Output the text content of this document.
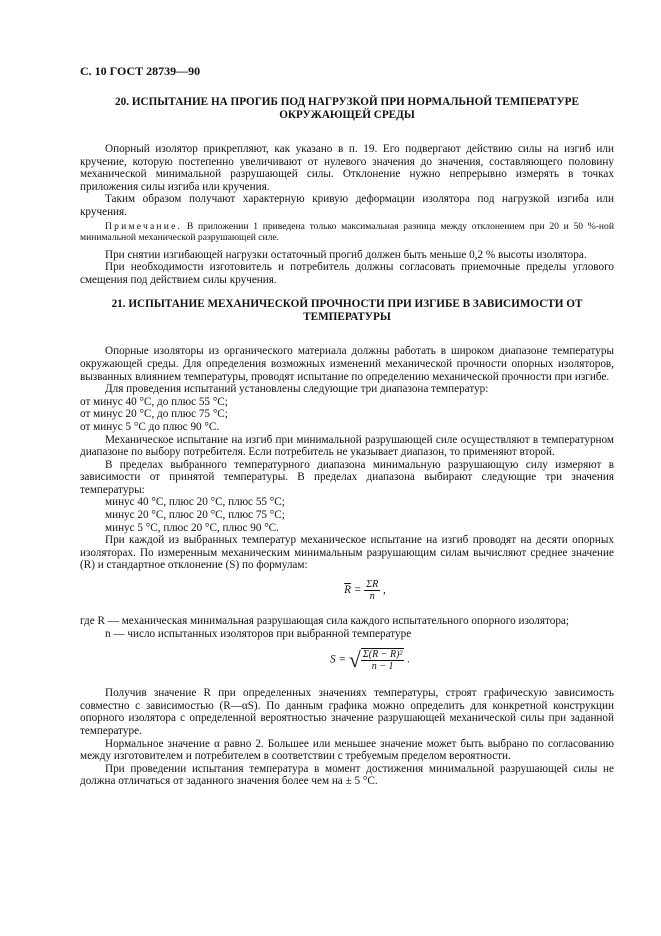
С. 10 ГОСТ 28739—90
20. ИСПЫТАНИЕ НА ПРОГИБ ПОД НАГРУЗКОЙ ПРИ НОРМАЛЬНОЙ ТЕМПЕРАТУРЕ ОКРУЖАЮЩЕЙ СРЕДЫ

Опорный изолятор прикрепляют, как указано в п. 19. Его подвергают действию силы на изгиб или кручение, которую постепенно увеличивают от нулевого значения до значения, составляющего половину механической минимальной разрушающей силы. Отклонение нужно непрерывно измерять в точках приложения силы изгиба или кручения.

Таким образом получают характерную кривую деформации изолятора под нагрузкой изгиба или кручения.

Примечание. В приложении 1 приведена только максимальная разница между отклонением при 20 и 50 %-ной минимальной механической разрушающей силе.

При снятии изгибающей нагрузки остаточный прогиб должен быть меньше 0,2 % высоты изолятора.

При необходимости изготовитель и потребитель должны согласовать приемочные пределы углового смещения под действием силы кручения.

21. ИСПЫТАНИЕ МЕХАНИЧЕСКОЙ ПРОЧНОСТИ ПРИ ИЗГИБЕ В ЗАВИСИМОСТИ ОТ ТЕМПЕРАТУРЫ

Опорные изоляторы из органического материала должны работать в широком диапазоне температуры окружающей среды. Для определения возможных изменений механической прочности опорных изоляторов, вызванных влиянием температуры, проводят испытание по определению механической прочности при изгибе.

Для проведения испытаний установлены следующие три диапазона температур:

от минус 40 °C, до плюс 55 °C;

от минус 20 °C, до плюс 75 °C;

от минус 5 °C до плюс 90 °C.

Механическое испытание на изгиб при минимальной разрушающей силе осуществляют в температурном диапазоне по выбору потребителя. Если потребитель не указывает диапазон, то применяют второй.

В пределах выбранного температурного диапазона минимальную разрушающую силу измеряют в зависимости от принятой температуры. В пределах диапазона выбирают следующие три значения температуры:

минус 40 °C, плюс 20 °C, плюс 55 °C;

минус 20 °C, плюс 20 °C, плюс 75 °C;

минус 5 °C, плюс 20 °C, плюс 90 °C.

При каждой из выбранных температур механическое испытание на изгиб проводят на десяти опорных изоляторах. По измеренным механическим минимальным разрушающим силам вычисляют среднее значение (R) и стандартное отклонение (S) по формулам:

$\overline{R} = \frac{\Sigma R}{n}$ ,

где R — механическая минимальная разрушающая сила каждого испытательного опорного изолятора;

n — число испытанных изоляторов при выбранной температуре

S = √ $\frac{\text{Σ(R − R)²}}{n - 1}$ .

Получив значение R при определенных значениях температуры, строят графическую зависимость совместно с зависимостью (R—αS). По данным графика можно определить для конкретной конструкции опорного изолятора с определенной вероятностью значение разрушающей механической силы при заданной температуре.

Нормальное значение α равно 2. Большее или меньшее значение может быть выбрано по согласованию между изготовителем и потребителем в соответствии с требуемым пределом вероятности.

При проведении испытания температура в момент достижения минимальной разрушающей силы не должна отличаться от заданного значения более чем на ± 5 °C.
